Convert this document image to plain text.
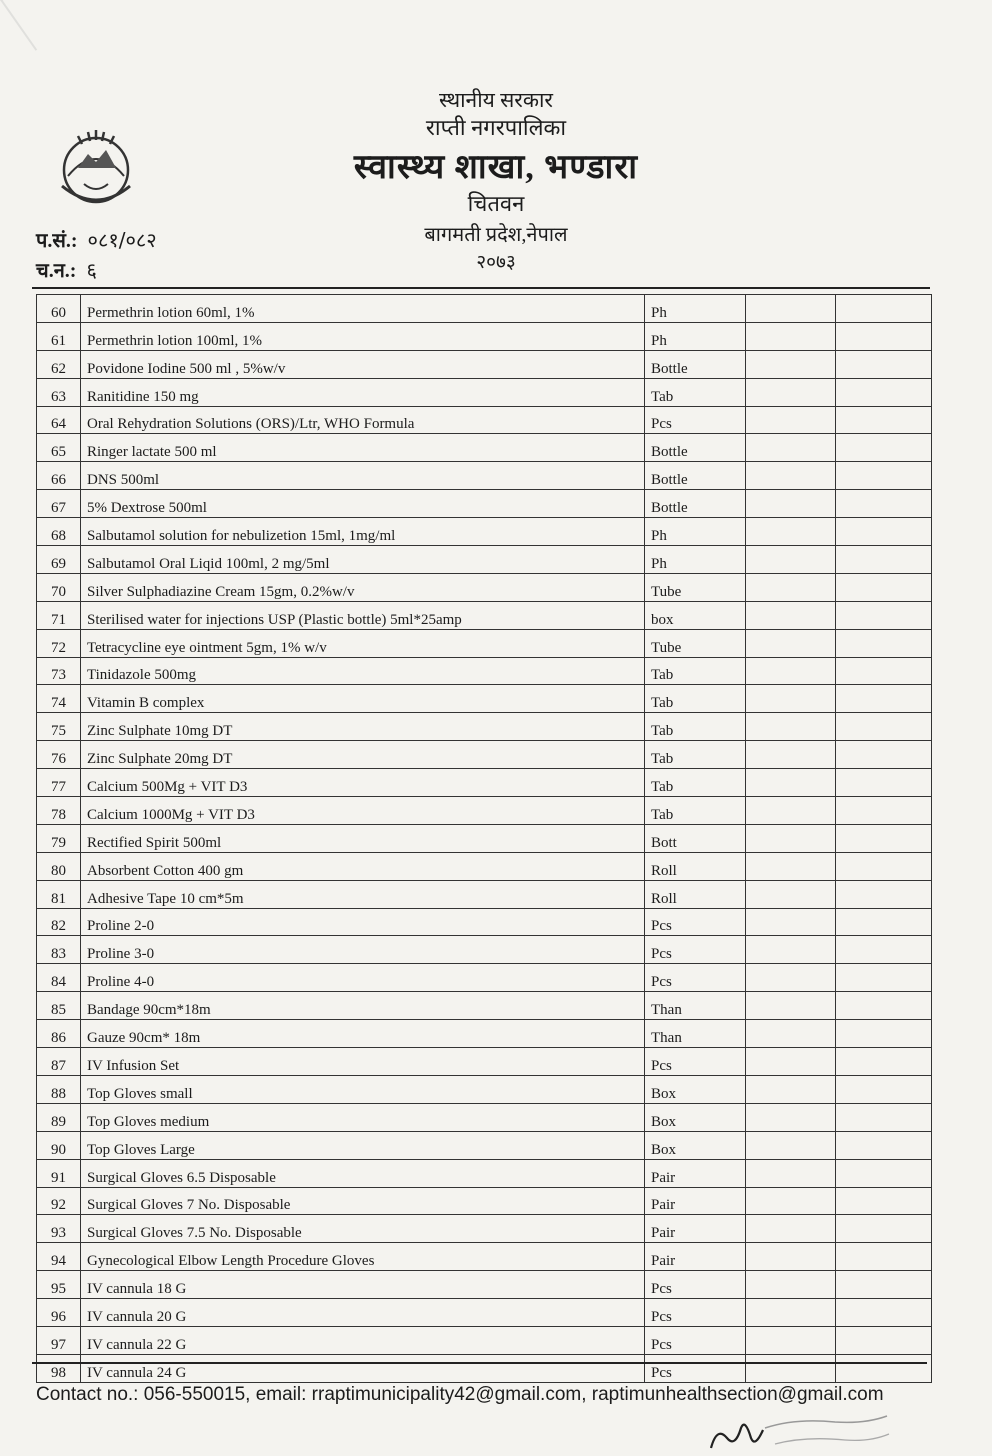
स्थानीय सरकार
राप्ती नगरपालिका
स्वास्थ्य शाखा, भण्डारा
चितवन
बागमती प्रदेश,नेपाल
२०७३
प.सं.: ०८१/०८२
च.न.: ६
60	Permethrin lotion 60ml, 1%	Ph		
61	Permethrin lotion 100ml, 1%	Ph		
62	Povidone Iodine 500 ml , 5%w/v	Bottle		
63	Ranitidine 150 mg	Tab		
64	Oral Rehydration Solutions (ORS)/Ltr, WHO Formula	Pcs		
65	Ringer lactate 500 ml	Bottle		
66	DNS 500ml	Bottle		
67	5% Dextrose 500ml	Bottle		
68	Salbutamol solution for nebulizetion 15ml, 1mg/ml	Ph		
69	Salbutamol Oral Liqid 100ml, 2 mg/5ml	Ph		
70	Silver Sulphadiazine Cream 15gm, 0.2%w/v	Tube		
71	Sterilised water for injections USP (Plastic bottle) 5ml*25amp	box		
72	Tetracycline eye ointment 5gm, 1% w/v	Tube		
73	Tinidazole 500mg	Tab		
74	Vitamin B complex	Tab		
75	Zinc Sulphate 10mg DT	Tab		
76	Zinc Sulphate 20mg DT	Tab		
77	Calcium 500Mg + VIT D3	Tab		
78	Calcium 1000Mg + VIT D3	Tab		
79	Rectified Spirit 500ml	Bott		
80	Absorbent Cotton 400 gm	Roll		
81	Adhesive Tape 10 cm*5m	Roll		
82	Proline 2-0	Pcs		
83	Proline 3-0	Pcs		
84	Proline 4-0	Pcs		
85	Bandage 90cm*18m	Than		
86	Gauze 90cm* 18m	Than		
87	IV Infusion Set	Pcs		
88	Top Gloves small	Box		
89	Top Gloves medium	Box		
90	Top Gloves Large	Box		
91	Surgical Gloves 6.5 Disposable	Pair		
92	Surgical Gloves 7 No. Disposable	Pair		
93	Surgical Gloves 7.5 No. Disposable	Pair		
94	Gynecological Elbow Length Procedure Gloves	Pair		
95	IV cannula 18 G	Pcs		
96	IV cannula 20 G	Pcs		
97	IV cannula 22 G	Pcs		
98	IV cannula 24 G	Pcs		
Contact no.: 056-550015, email: rraptimunicipality42@gmail.com, raptimunhealthsection@gmail.com
